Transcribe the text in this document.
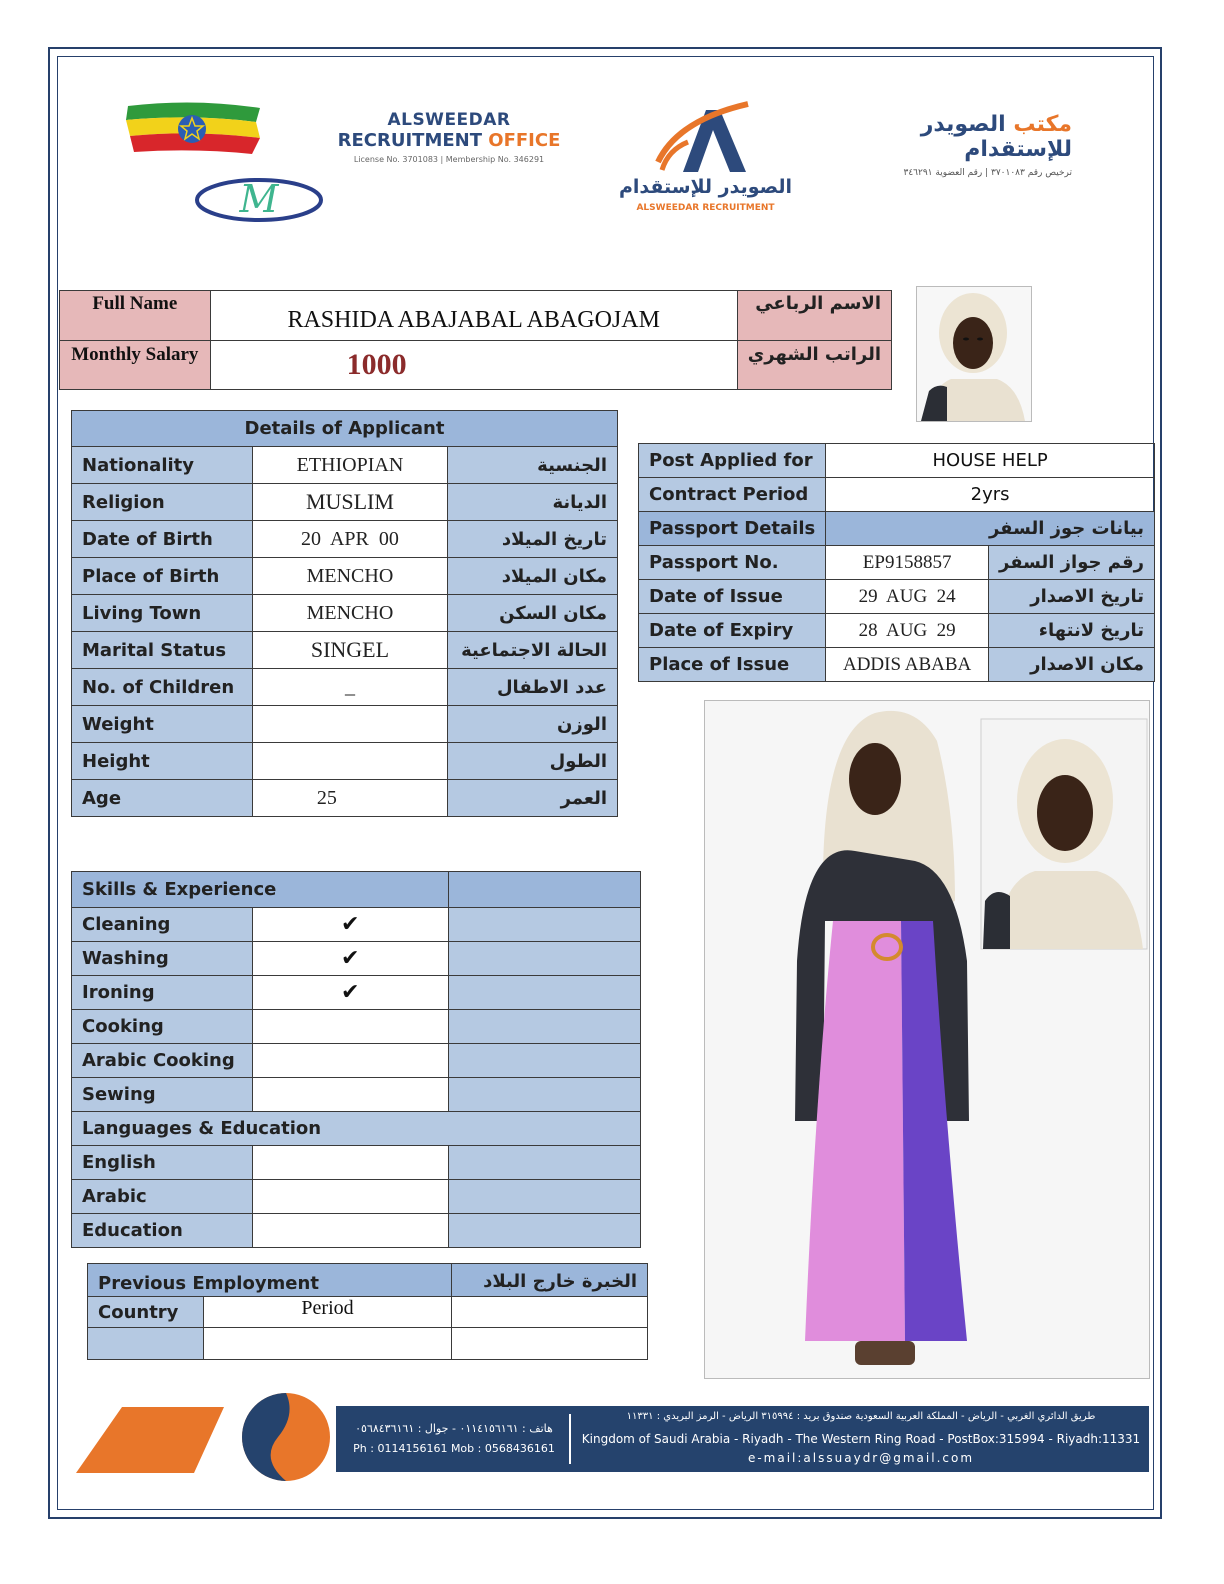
M
ALSWEEDAR
RECRUITMENT OFFICE
License No. 3701083 | Membership No. 346291
الصويدر للإستقدام
ALSWEEDAR RECRUITMENT
مكتب الصويدر للإستقدام
ترخيص رقم ٣٧٠١٠٨٣ | رقم العضوية ٣٤٦٢٩١
Full Name	RASHIDA ABAJABAL ABAGOJAM	الاسم الرباعي
Monthly Salary	1000	الراتب الشهري
Details of Applicant		
Nationality	ETHIOPIAN	الجنسية
Religion	MUSLIM	الديانة
Date of Birth	20  APR  00	تاريخ الميلاد
Place of Birth	MENCHO	مكان الميلاد
Living Town	MENCHO	مكان السكن
Marital Status	SINGEL	الحالة الاجتماعية
No. of Children	_	عدد الاطفال
Weight		الوزن
Height		الطول
Age	25	العمر
Post Applied for	HOUSE HELP	
Contract Period	2yrs	
Passport Details	بيانات جوز السفر	
Passport No.	EP9158857	رقم جواز السفر
Date of Issue	29  AUG  24	تاريخ الاصدار
Date of Expiry	28  AUG  29	تاريخ لانتهاء
Place of Issue	ADDIS ABABA	مكان الاصدار
Skills & Experience		
Cleaning	✔	
Washing	✔	
Ironing	✔	
Cooking		
Arabic Cooking		
Sewing		
Languages & Education		
English		
Arabic		
Education		
Previous Employment		الخبرة خارج البلاد
Country	Period	

هاتف : ٠١١٤١٥٦١٦١ - جوال : ٠٥٦٨٤٣٦١٦١
Ph : 0114156161 Mob : 0568436161
طريق الدائري الغربي - الرياض - المملكة العربية السعودية صندوق بريد : ٣١٥٩٩٤ الرياض - الرمز البريدي : ١١٣٣١
Kingdom of Saudi Arabia - Riyadh - The Western Ring Road - PostBox:315994 - Riyadh:11331
e-mail:alssuaydr@gmail.com
